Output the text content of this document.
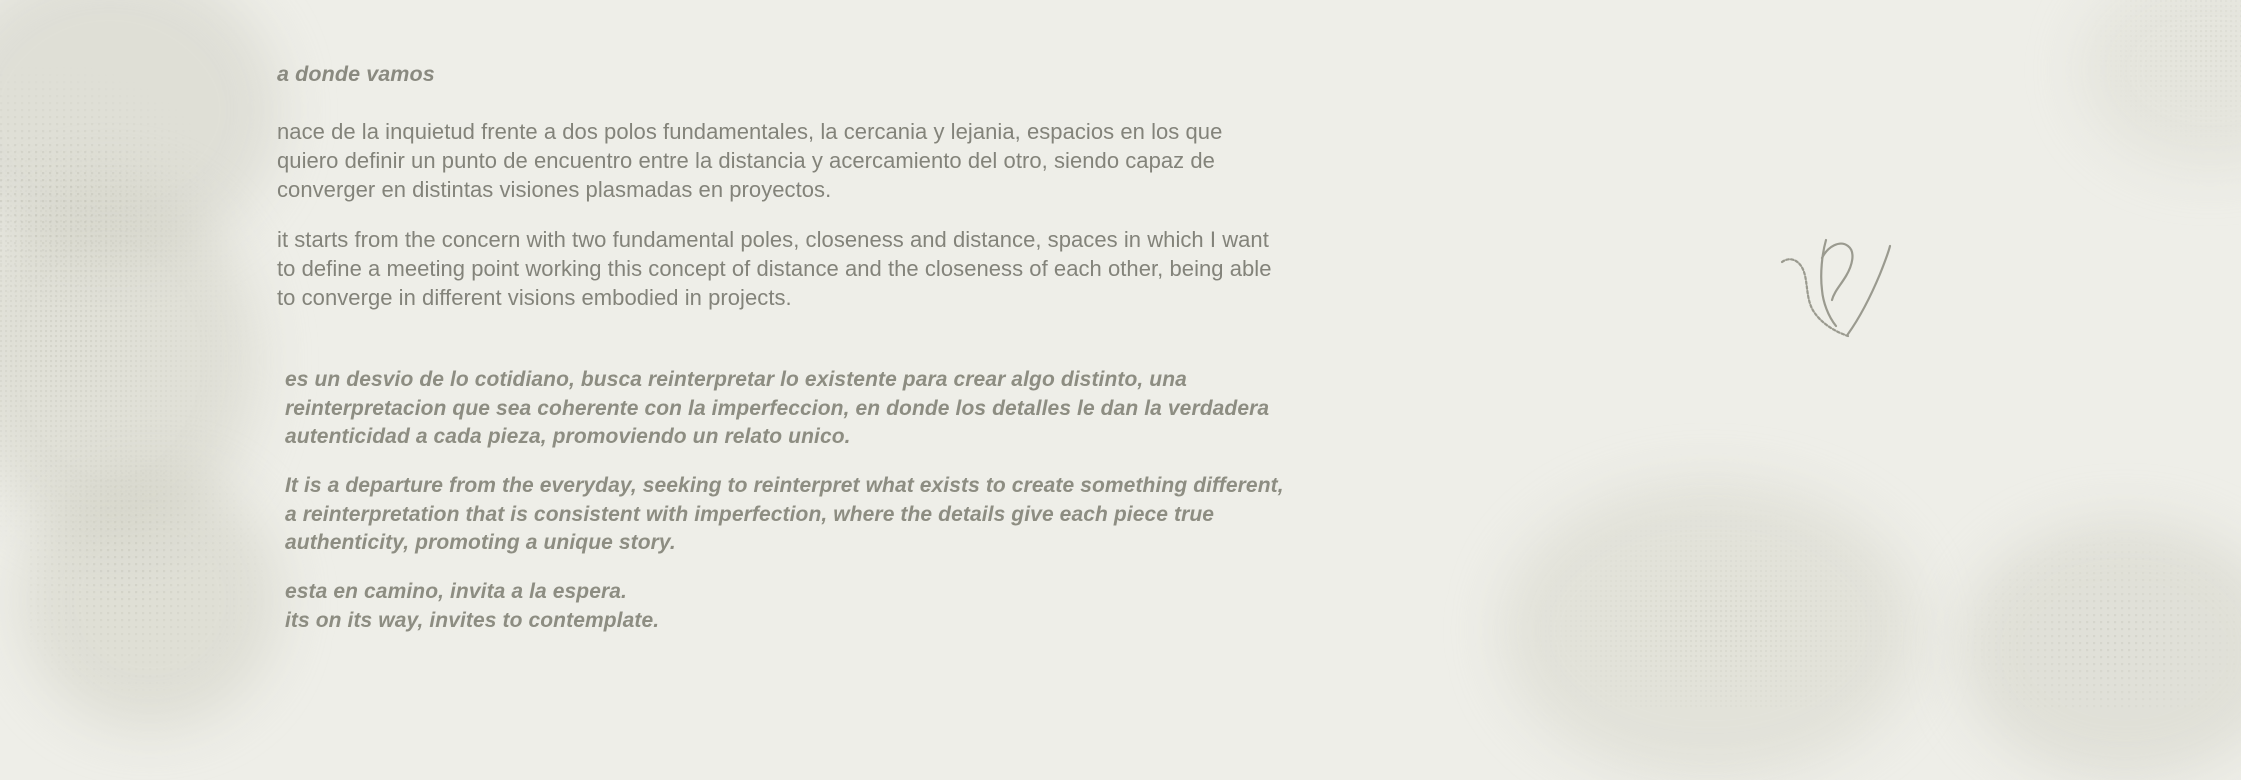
a donde vamos
nace de la inquietud frente a dos polos fundamentales, la cercania y lejania, espacios en los que quiero definir un punto de encuentro entre la distancia y acercamiento del otro, siendo capaz de converger en distintas visiones plasmadas en proyectos.
it starts from the concern with two fundamental poles, closeness and distance, spaces in which I want to define a meeting point working this concept of distance and the closeness of each other, being able to converge in different visions embodied in projects.
es un desvio de lo cotidiano, busca reinterpretar lo existente para crear algo distinto, una reinterpretacion que sea coherente con la imperfeccion, en donde los detalles le dan la verdadera autenticidad a cada pieza, promoviendo un relato unico.
It is a departure from the everyday, seeking to reinterpret what exists to create something different, a reinterpretation that is consistent with imperfection, where the details give each piece true authenticity, promoting a unique story.
esta en camino, invita a la espera.
its on its way, invites to contemplate.
